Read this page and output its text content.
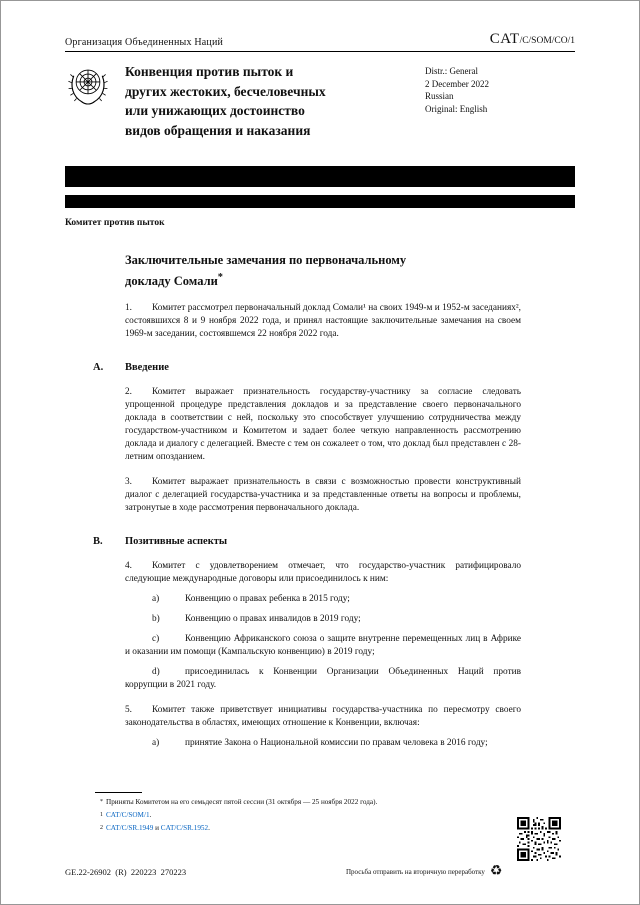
Организация Объединенных Наций	CAT/C/SOM/CO/1
Конвенция против пыток и
других жестоких, бесчеловечных
или унижающих достоинство
видов обращения и наказания
Distr.: General
2 December 2022
Russian
Original: English
Комитет против пыток
Заключительные замечания по первоначальному
докладу Сомали*

1. Комитет рассмотрел первоначальный доклад Сомали¹ на своих 1949-м и 1952-м заседаниях², состоявшихся 8 и 9 ноября 2022 года, и принял настоящие заключительные замечания на своем 1969-м заседании, состоявшемся 22 ноября 2022 года.

A. Введение

2. Комитет выражает признательность государству-участнику за согласие следовать упрощенной процедуре представления докладов и за представление своего первоначального доклада в соответствии с ней, поскольку это способствует улучшению сотрудничества между государством-участником и Комитетом и задает более четкую направленность рассмотрению доклада и диалогу с делегацией. Вместе с тем он сожалеет о том, что доклад был представлен с 28-летним опозданием.

3. Комитет выражает признательность в связи с возможностью провести конструктивный диалог с делегацией государства-участника и за представленные ответы на вопросы и проблемы, затронутые в ходе рассмотрения первоначального доклада.

B. Позитивные аспекты

4. Комитет с удовлетворением отмечает, что государство-участник ратифицировало следующие международные договоры или присоединилось к ним:

a)	Конвенцию о правах ребенка в 2015 году;

b)	Конвенцию о правах инвалидов в 2019 году;

c)	Конвенцию Африканского союза о защите внутренне перемещенных лиц в Африке и оказании им помощи (Кампальскую конвенцию) в 2019 году;

d)	присоединилась к Конвенции Организации Объединенных Наций против коррупции в 2021 году.

5. Комитет также приветствует инициативы государства-участника по пересмотру своего законодательства в областях, имеющих отношение к Конвенции, включая:

a)	принятие Закона о Национальной комиссии по правам человека в 2016 году;

* Приняты Комитетом на его семьдесят пятой сессии (31 октября — 25 ноября 2022 года).
$^1$ CAT/C/SOM/1.
$^2$ CAT/C/SR.1949 и CAT/C/SR.1952.
GE.22-26902  (R)  220223  270223	Просьба отправить на вторичную переработку ♻
